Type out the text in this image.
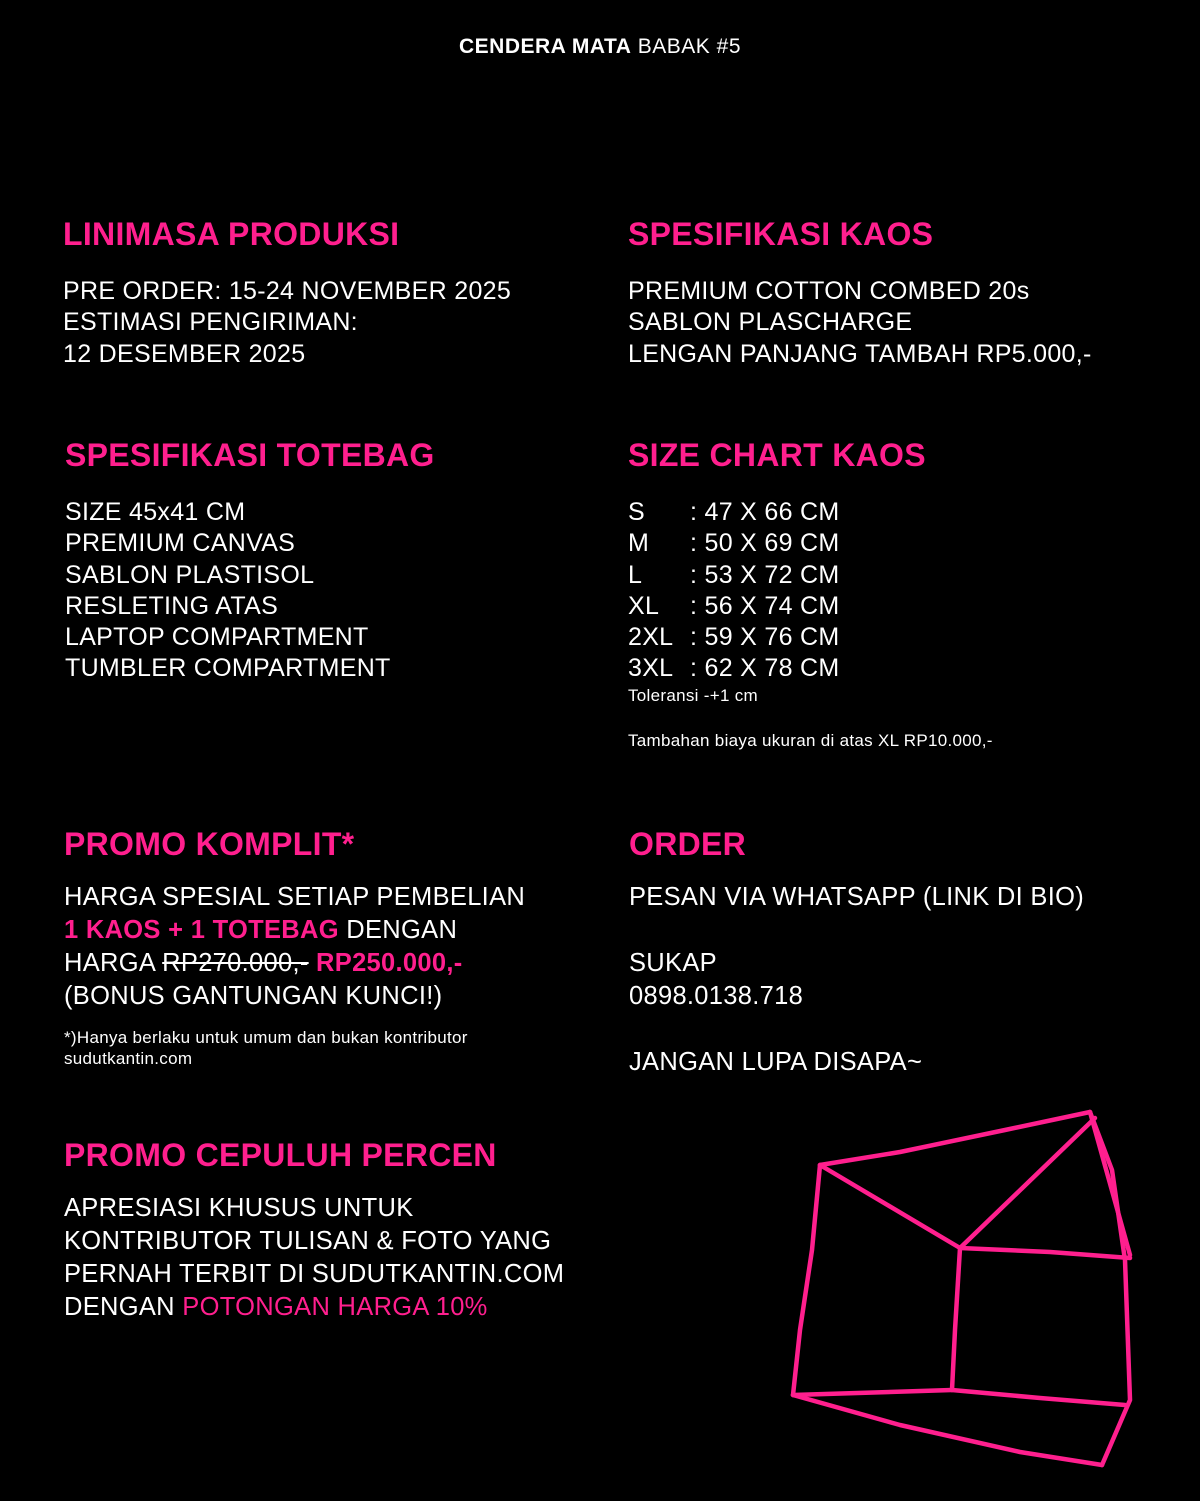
CENDERA MATA BABAK #5
LINIMASA PRODUKSI
PRE ORDER: 15-24 NOVEMBER 2025
ESTIMASI PENGIRIMAN:
12 DESEMBER 2025
SPESIFIKASI KAOS
PREMIUM COTTON COMBED 20s
SABLON PLASCHARGE
LENGAN PANJANG TAMBAH RP5.000,-
SPESIFIKASI TOTEBAG
SIZE 45x41 CM
PREMIUM CANVAS
SABLON PLASTISOL
RESLETING ATAS
LAPTOP COMPARTMENT
TUMBLER COMPARTMENT
SIZE CHART KAOS
S	: 47 X 66 CM
M	: 50 X 69 CM
L	: 53 X 72 CM
XL	: 56 X 74 CM
2XL : 59 X 76 CM
3XL : 62 X 78 CM
Toleransi -+1 cm
Tambahan biaya ukuran di atas XL RP10.000,-
PROMO KOMPLIT*
HARGA SPESIAL SETIAP PEMBELIAN
1 KAOS + 1 TOTEBAG DENGAN
HARGA RP270.000,- RP250.000,-
(BONUS GANTUNGAN KUNCI!)
*)Hanya berlaku untuk umum dan bukan kontributor
sudutkantin.com
ORDER
PESAN VIA WHATSAPP (LINK DI BIO)
SUKAP
0898.0138.718
JANGAN LUPA DISAPA~
PROMO CEPULUH PERCEN
APRESIASI KHUSUS UNTUK
KONTRIBUTOR TULISAN & FOTO YANG
PERNAH TERBIT DI SUDUTKANTIN.COM
DENGAN POTONGAN HARGA 10%
